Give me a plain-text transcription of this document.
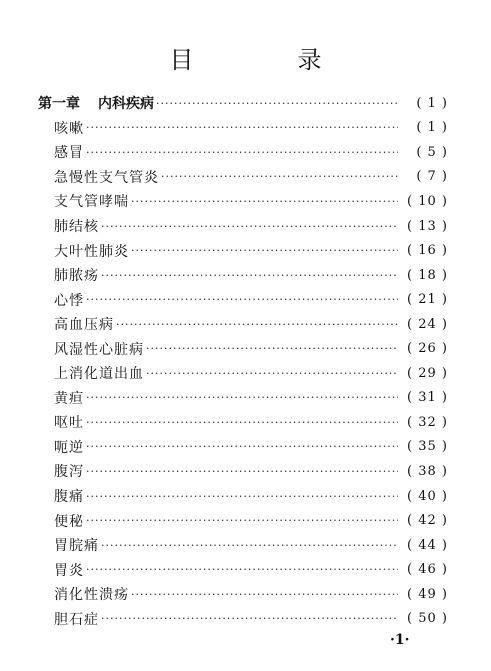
目　录
第一章 内科疾病 ·····	( 1 )
咳嗽 ·····	( 1 )
感冒 ·····	( 5 )
急慢性支气管炎 ·····	( 7 )
支气管哮喘 ·····	( 10 )
肺结核 ·····	( 13 )
大叶性肺炎 ·····	( 16 )
肺脓疡 ·····	( 18 )
心悸 ·····	( 21 )
高血压病 ·····	( 24 )
风湿性心脏病 ·····	( 26 )
上消化道出血 ·····	( 29 )
黄疸 ·····	( 31 )
呕吐 ·····	( 32 )
呃逆 ·····	( 35 )
腹泻 ·····	( 38 )
腹痛 ·····	( 40 )
便秘 ·····	( 42 )
胃脘痛 ·····	( 44 )
胃炎 ·····	( 46 )
消化性溃疡 ·····	( 49 )
胆石症 ·····	( 50 )
·1·
